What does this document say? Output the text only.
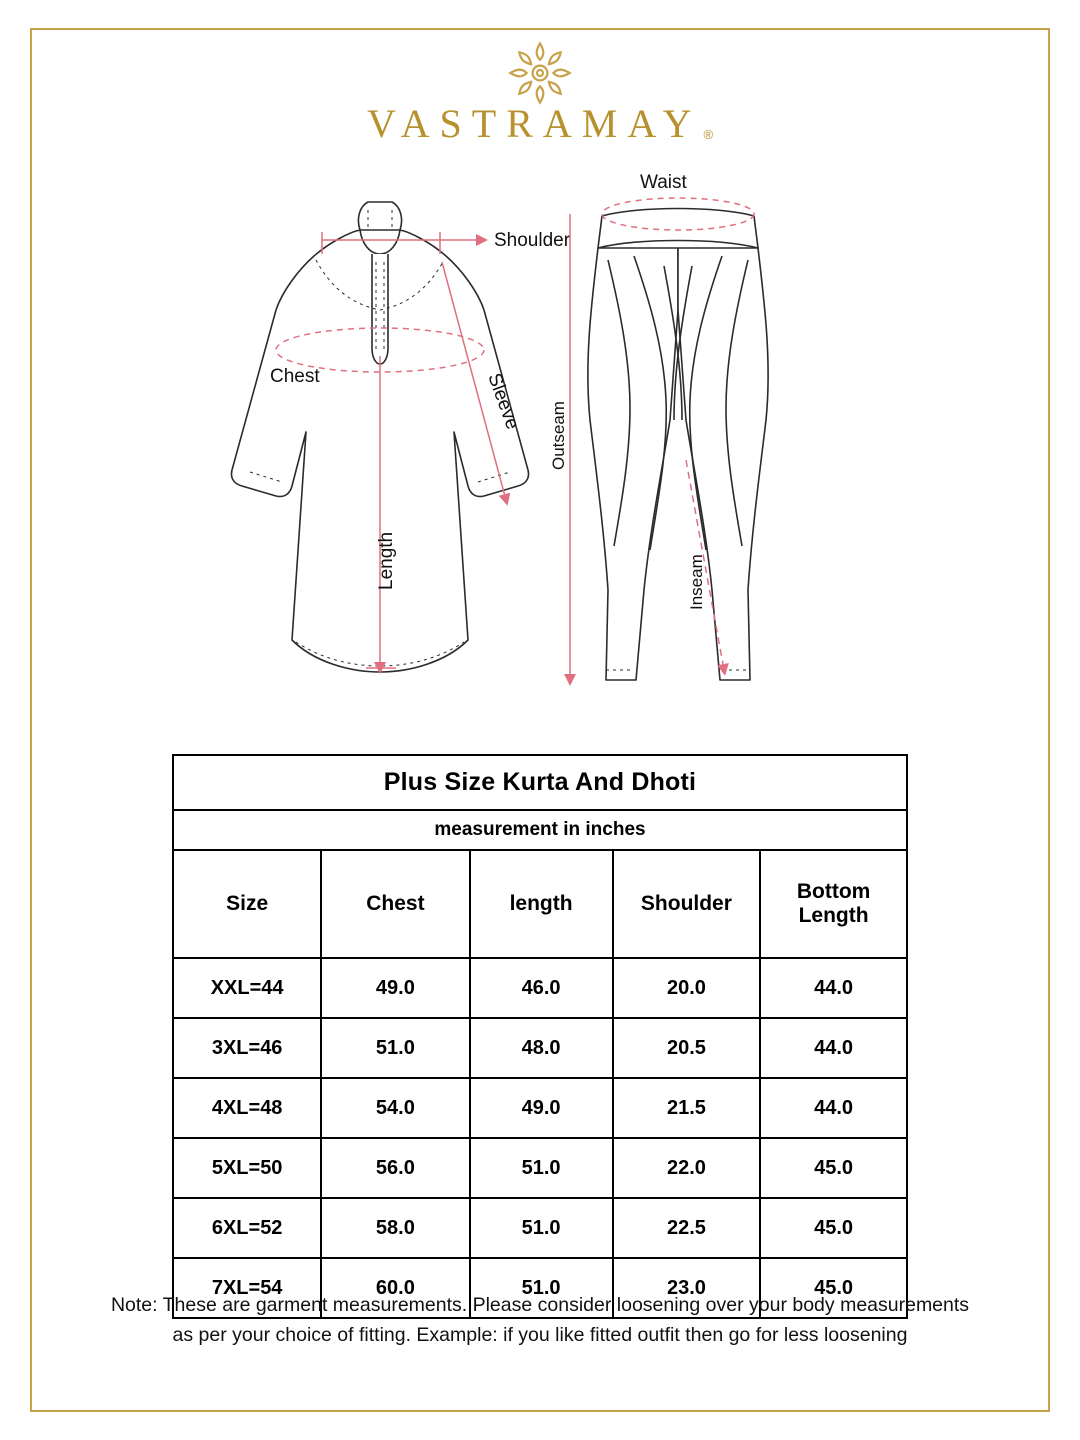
VASTRAMAY ®
Shoulder
Chest	Sleeve
Length
Waist
Outseam
Inseam
Plus Size Kurta And Dhoti				
measurement in inches				
Size	Chest	length	Shoulder	Bottom
Length

XXL=44	49.0	46.0	20.0	44.0
3XL=46	51.0	48.0	20.5	44.0
4XL=48	54.0	49.0	21.5	44.0
5XL=50	56.0	51.0	22.0	45.0
6XL=52	58.0	51.0	22.5	45.0
7XL=54	60.0	51.0	23.0	45.0
Note: These are garment measurements. Please consider loosening over your body measurements
as per your choice of fitting. Example: if you like fitted outfit then go for less loosening
